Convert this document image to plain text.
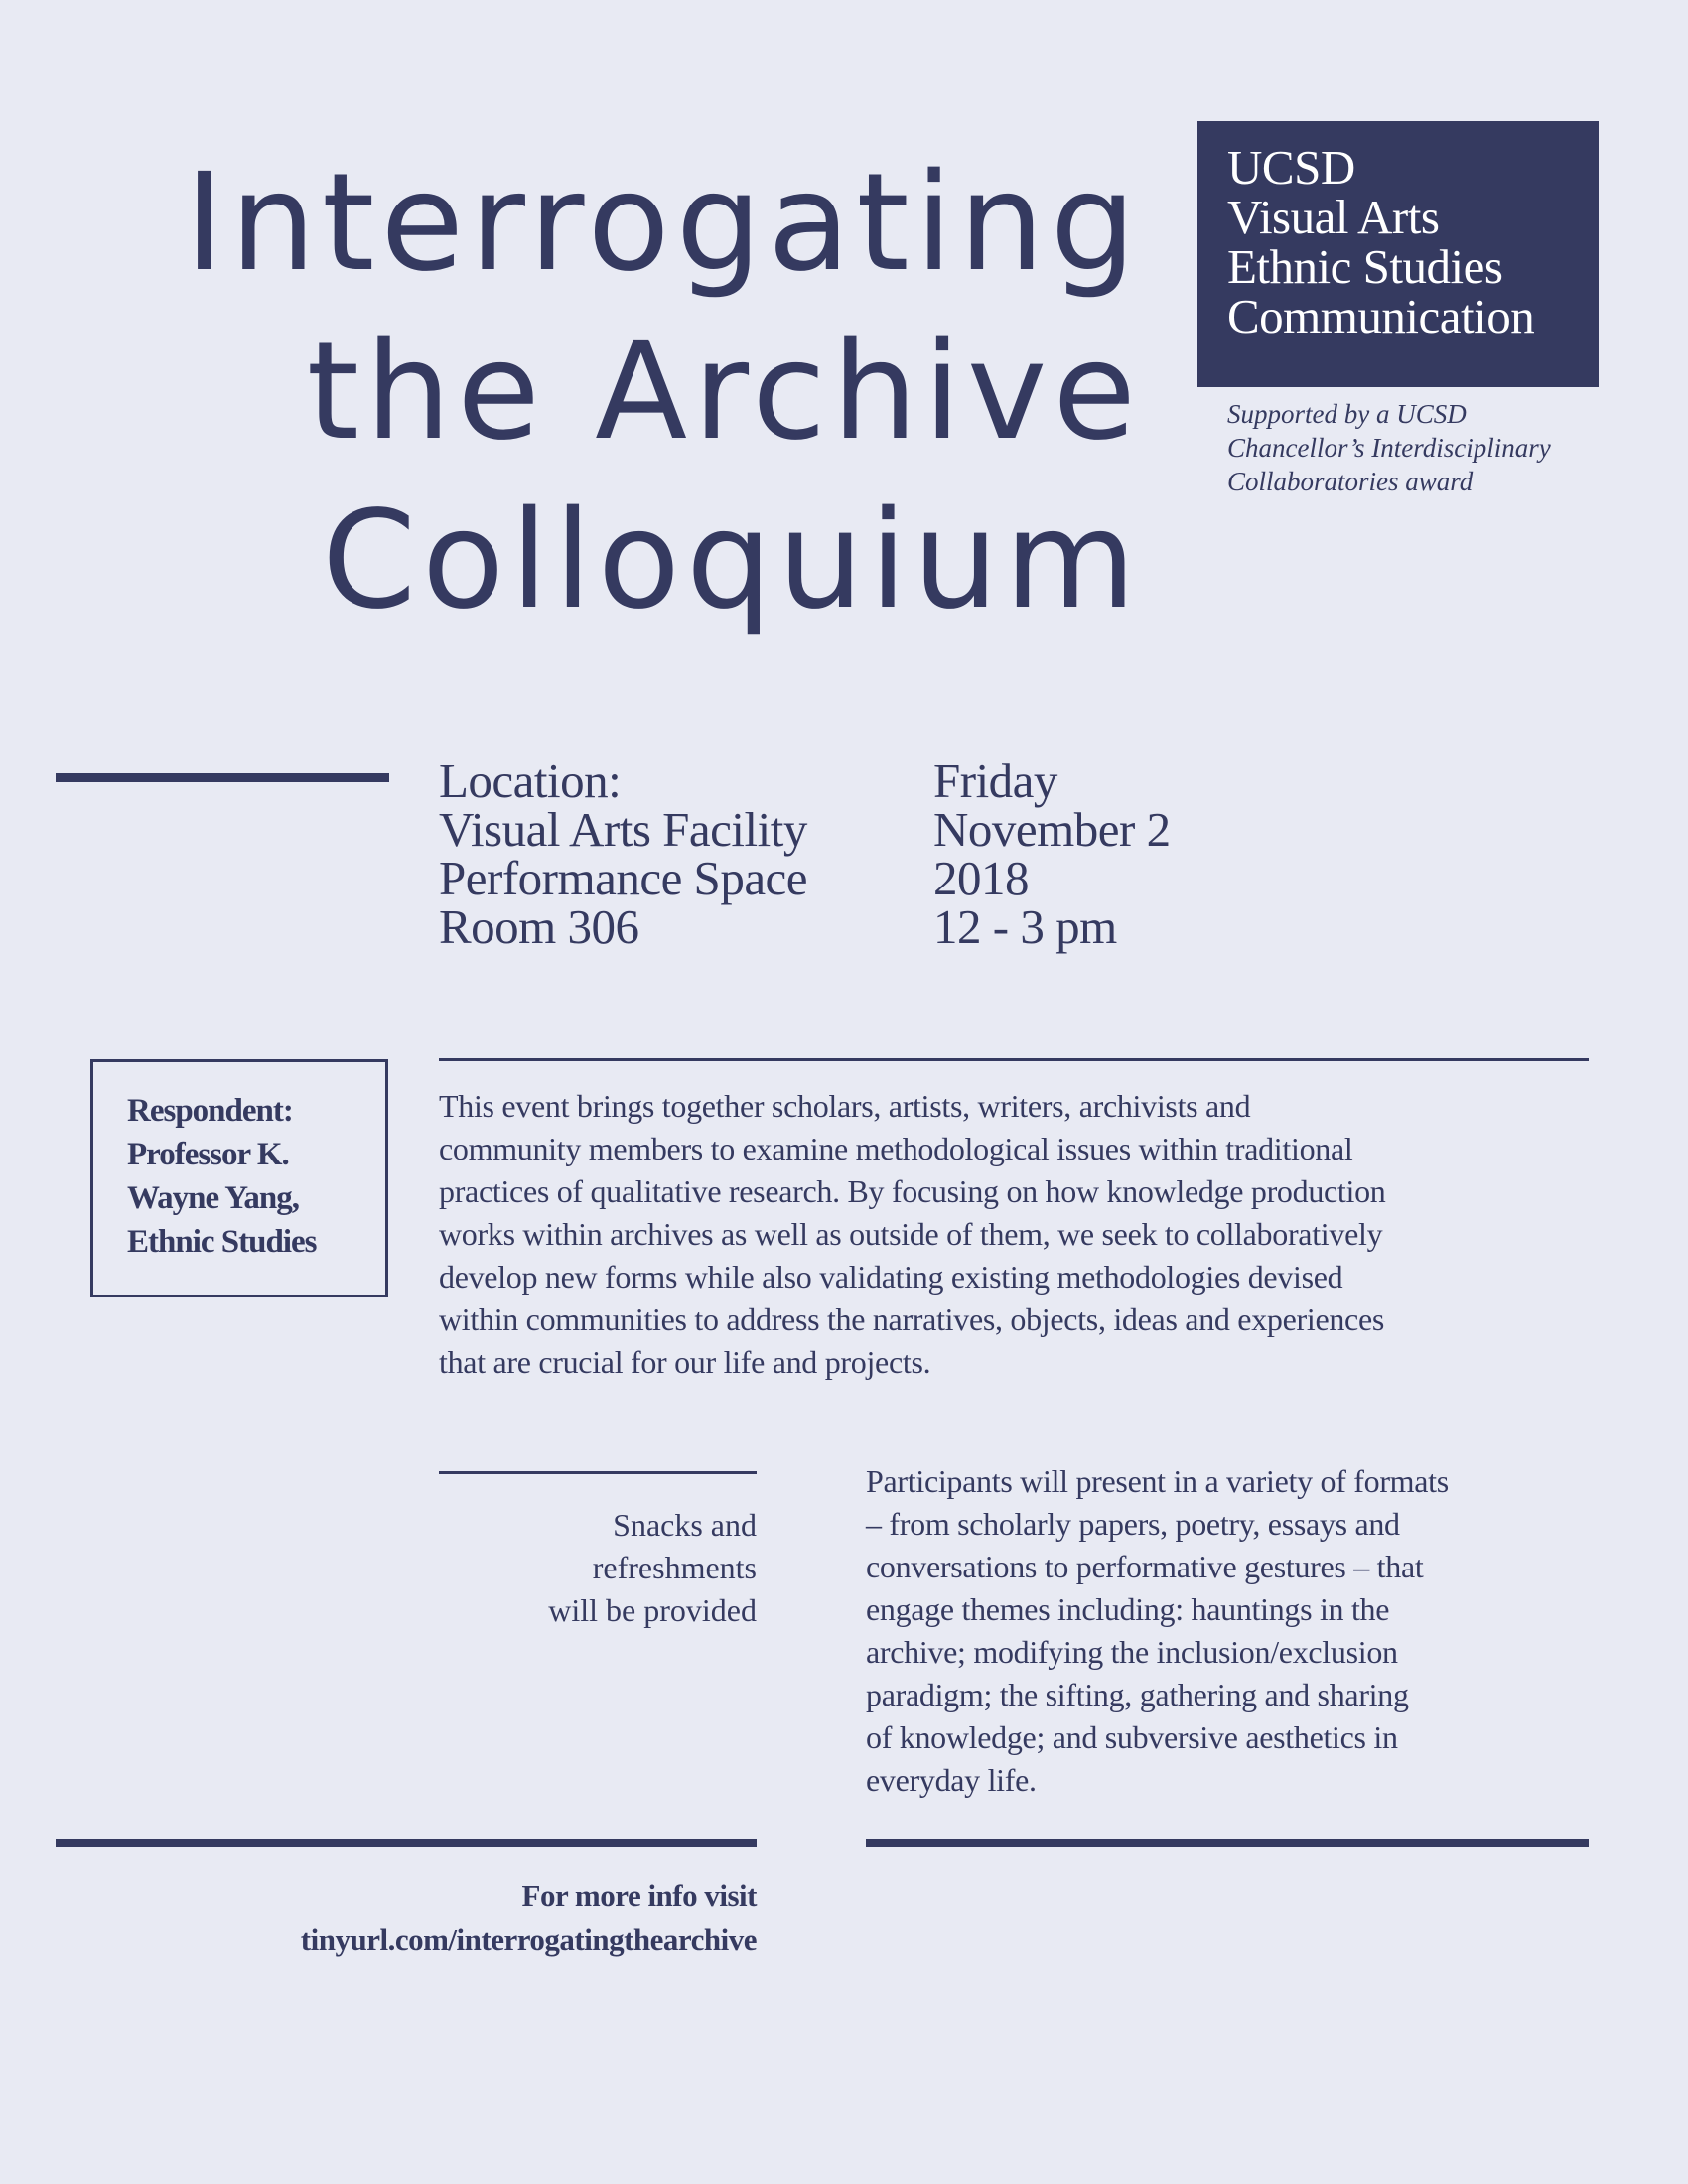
Interrogating
the Archive
Colloquium
UCSD
Visual Arts
Ethnic Studies
Communication
Supported by a UCSD
Chancellor’s Interdisciplinary
Collaboratories award
Location:
Visual Arts Facility
Performance Space
Room 306
Friday
November 2
2018
12 - 3 pm
Respondent:
Professor K.
Wayne Yang,
Ethnic Studies
This event brings together scholars, artists, writers, archivists and
community members to examine methodological issues within traditional
practices of qualitative research. By focusing on how knowledge production
works within archives as well as outside of them, we seek to collaboratively
develop new forms while also validating existing methodologies devised
within communities to address the narratives, objects, ideas and experiences
that are crucial for our life and projects.
Snacks and
refreshments
will be provided
Participants will present in a variety of formats
– from scholarly papers, poetry, essays and
conversations to performative gestures – that
engage themes including: hauntings in the
archive; modifying the inclusion/exclusion
paradigm; the sifting, gathering and sharing
of knowledge; and subversive aesthetics in
everyday life.
For more info visit
tinyurl.com/interrogatingthearchive
